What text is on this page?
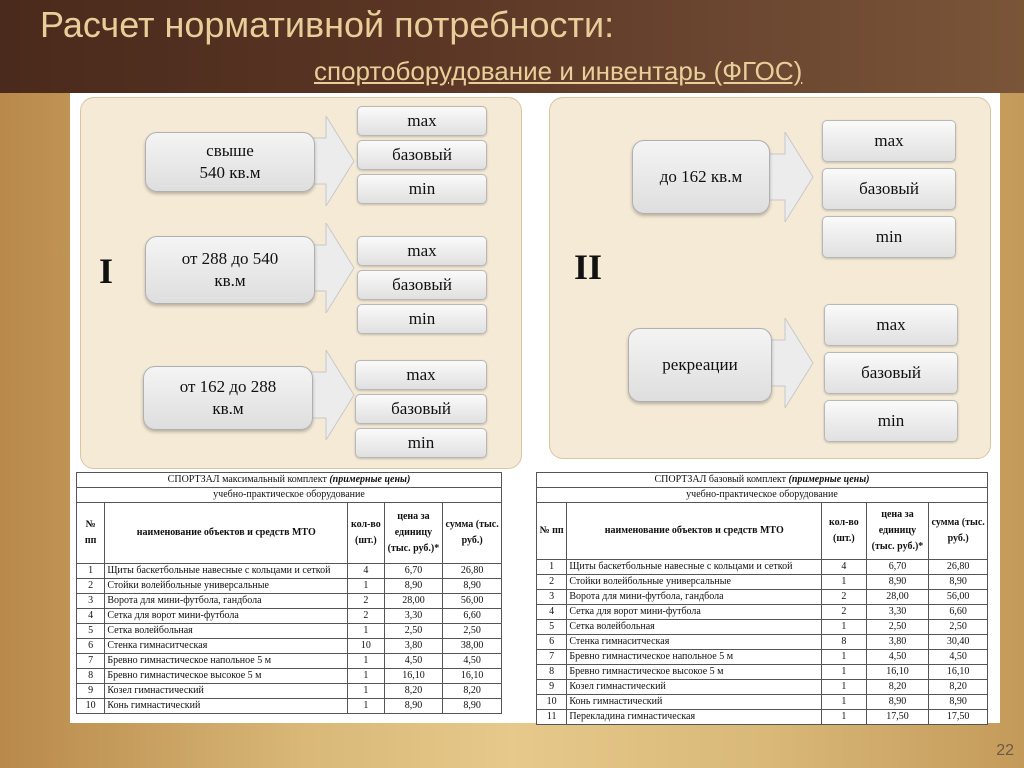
Расчет нормативной потребности:
спортоборудование и инвентарь (ФГОС)
I
свыше
540 кв.м
max
базовый
min
от 288 до 540
кв.м
max
базовый
min
от 162 до 288
кв.м
max
базовый
min
II
до 162 кв.м
max
базовый
min
рекреации
max
базовый
min
СПОРТЗАЛ максимальный комплект (примерные цены)				
учебно-практическое оборудование				
№ пп	наименование объектов и средств МТО	кол-во (шт.)	цена за единицу (тыс. руб.)*	сумма (тыс. руб.)
1	Щиты баскетбольные навесные с кольцами и сеткой	4	6,70	26,80
2	Стойки волейбольные универсальные	1	8,90	8,90
3	Ворота для мини-футбола, гандбола	2	28,00	56,00
4	Сетка для ворот мини-футбола	2	3,30	6,60
5	Сетка волейбольная	1	2,50	2,50
6	Стенка гимнаситческая	10	3,80	38,00
7	Бревно гимнастическое напольное 5 м	1	4,50	4,50
8	Бревно гимнастическое высокое 5 м	1	16,10	16,10
9	Козел гимнастический	1	8,20	8,20
10	Конь гимнастический	1	8,90	8,90
СПОРТЗАЛ базовый комплект (примерные цены)				
учебно-практическое оборудование				
№ пп	наименование объектов и средств МТО	кол-во (шт.)	цена за единицу (тыс. руб.)*	сумма (тыс. руб.)
1	Щиты баскетбольные навесные с кольцами и сеткой	4	6,70	26,80
2	Стойки волейбольные универсальные	1	8,90	8,90
3	Ворота для мини-футбола, гандбола	2	28,00	56,00
4	Сетка для ворот мини-футбола	2	3,30	6,60
5	Сетка волейбольная	1	2,50	2,50
6	Стенка гимнаситческая	8	3,80	30,40
7	Бревно гимнастическое напольное 5 м	1	4,50	4,50
8	Бревно гимнастическое высокое 5 м	1	16,10	16,10
9	Козел гимнастический	1	8,20	8,20
10	Конь гимнастический	1	8,90	8,90
11	Перекладина гимнастическая	1	17,50	17,50
22
